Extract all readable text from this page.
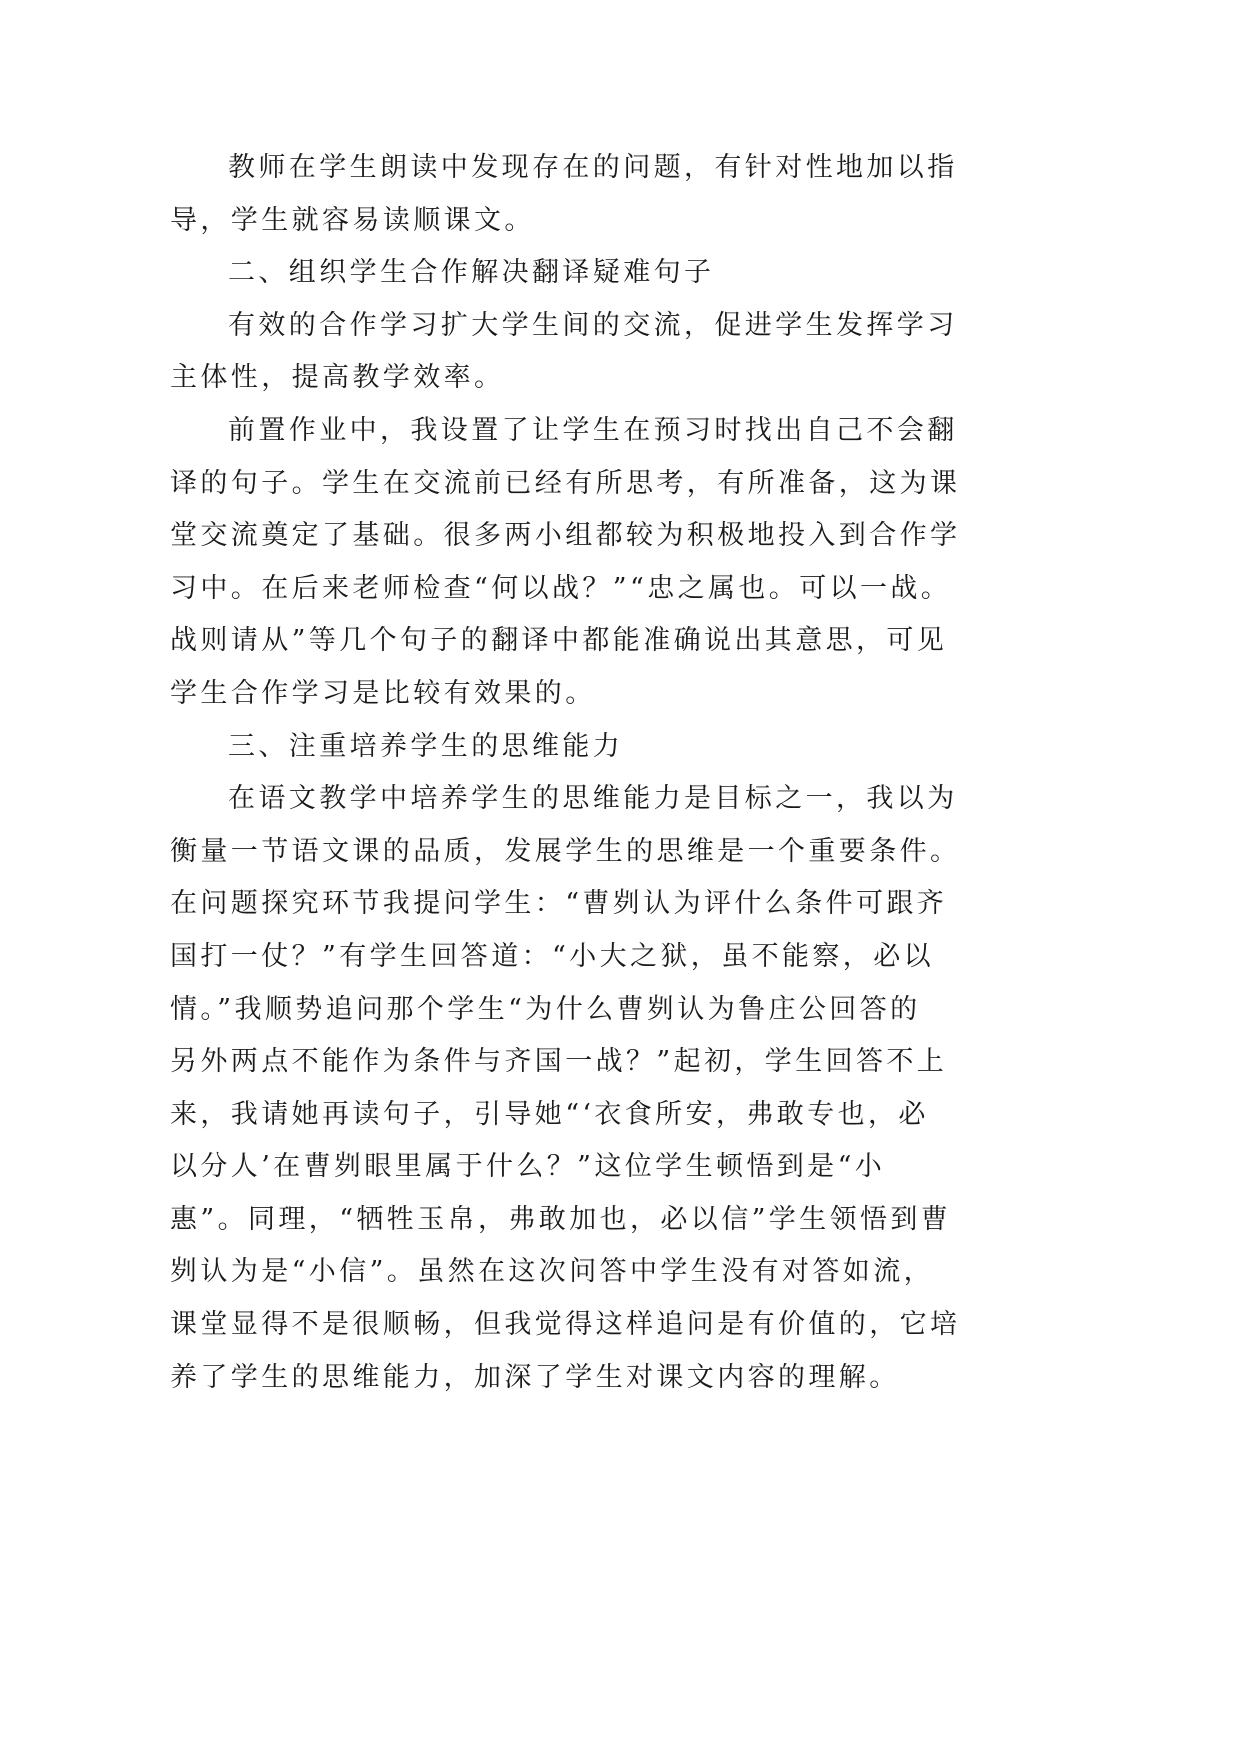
教师在学生朗读中发现存在的问题，有针对性地加以指
导，学生就容易读顺课文。
二、组织学生合作解决翻译疑难句子
有效的合作学习扩大学生间的交流，促进学生发挥学习
主体性，提高教学效率。
前置作业中，我设置了让学生在预习时找出自己不会翻
译的句子。学生在交流前已经有所思考，有所准备，这为课
堂交流奠定了基础。很多两小组都较为积极地投入到合作学
习中。在后来老师检查“何以战？”“忠之属也。可以一战。
战则请从”等几个句子的翻译中都能准确说出其意思，可见
学生合作学习是比较有效果的。
三、注重培养学生的思维能力
在语文教学中培养学生的思维能力是目标之一，我以为
衡量一节语文课的品质，发展学生的思维是一个重要条件。
在问题探究环节我提问学生：“曹刿认为评什么条件可跟齐
国打一仗？”有学生回答道：“小大之狱，虽不能察，必以
情。”我顺势追问那个学生“为什么曹刿认为鲁庄公回答的
另外两点不能作为条件与齐国一战？”起初，学生回答不上
来，我请她再读句子，引导她“‘衣食所安，弗敢专也，必
以分人’在曹刿眼里属于什么？”这位学生顿悟到是“小
惠”。同理，“牺牲玉帛，弗敢加也，必以信”学生领悟到曹
刿认为是“小信”。虽然在这次问答中学生没有对答如流，
课堂显得不是很顺畅，但我觉得这样追问是有价值的，它培
养了学生的思维能力，加深了学生对课文内容的理解。
